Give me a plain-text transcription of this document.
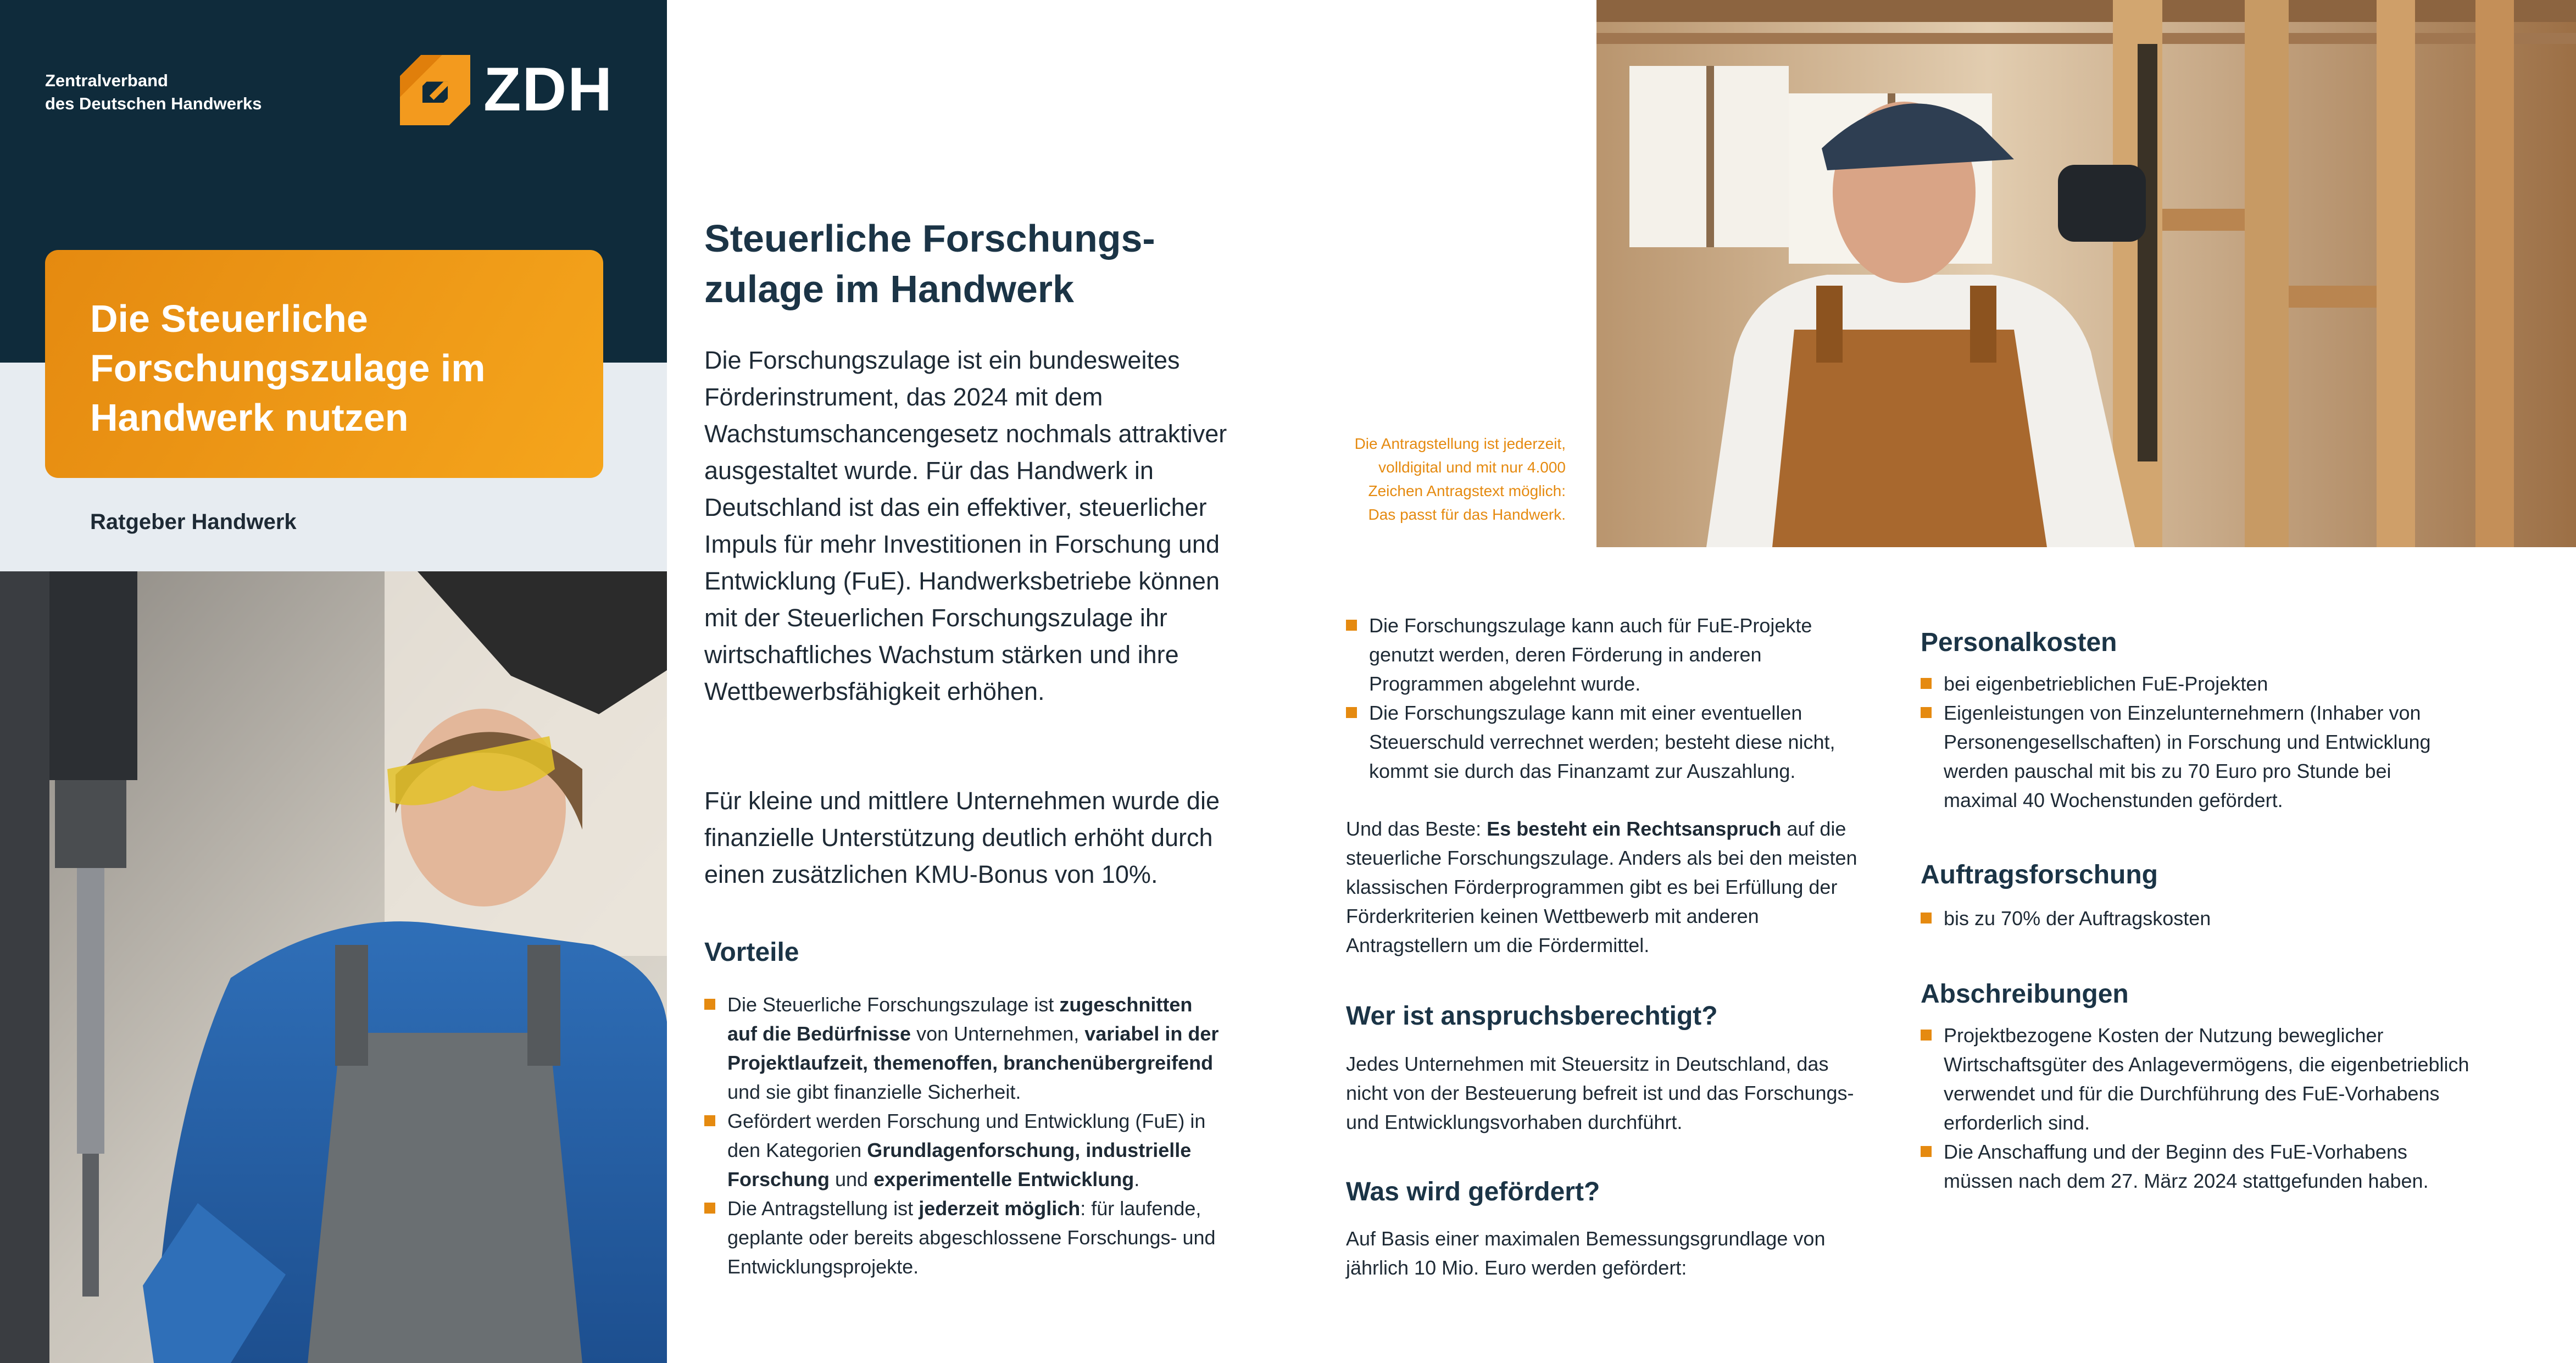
Zentralverband
des Deutschen Handwerks	ZDH
Die Steuerliche Forschungszulage im Handwerk nutzen
Ratgeber Handwerk
Steuerliche Forschungs-
zulage im Handwerk
Die Forschungszulage ist ein bundesweites Förderinstrument, das 2024 mit dem Wachstumschancengesetz nochmals attraktiver ausgestaltet wurde. Für das Handwerk in Deutschland ist das ein effektiver, steuerlicher Impuls für mehr Investitionen in Forschung und Entwicklung (FuE). Handwerksbetriebe können mit der Steuerlichen Forschungszulage ihr wirtschaftliches Wachstum stärken und ihre Wettbewerbsfähigkeit erhöhen.
Für kleine und mittlere Unternehmen wurde die finanzielle Unterstützung deutlich erhöht durch einen zusätzlichen KMU-Bonus von 10%.
Vorteile
Die Steuerliche Forschungszulage ist zugeschnitten auf die Bedürfnisse von Unternehmen, variabel in der Projektlaufzeit, themenoffen, branchenübergreifend und sie gibt finanzielle Sicherheit.
Gefördert werden Forschung und Entwicklung (FuE) in den Kategorien Grundlagenforschung, industrielle Forschung und experimentelle Entwicklung.
Die Antragstellung ist jederzeit möglich: für laufende, geplante oder bereits abgeschlossene Forschungs- und Entwicklungsprojekte.
Die Antragstellung ist jederzeit, volldigital und mit nur 4.000 Zeichen Antragstext möglich: Das passt für das Handwerk.
Die Forschungszulage kann auch für FuE-Projekte genutzt werden, deren Förderung in anderen Programmen abgelehnt wurde.
Die Forschungszulage kann mit einer eventuellen Steuerschuld verrechnet werden; besteht diese nicht, kommt sie durch das Finanzamt zur Auszahlung.
Und das Beste: Es besteht ein Rechtsanspruch auf die steuerliche Forschungszulage. Anders als bei den meisten klassischen Förderprogrammen gibt es bei Erfüllung der Förderkriterien keinen Wettbewerb mit anderen Antragstellern um die Fördermittel.
Wer ist anspruchsberechtigt?
Jedes Unternehmen mit Steuersitz in Deutschland, das nicht von der Besteuerung befreit ist und das Forschungs- und Entwicklungsvorhaben durchführt.
Was wird gefördert?
Auf Basis einer maximalen Bemessungsgrundlage von jährlich 10 Mio. Euro werden gefördert:
Personalkosten
bei eigenbetrieblichen FuE-Projekten
Eigenleistungen von Einzelunternehmern (Inhaber von Personengesellschaften) in Forschung und Entwicklung werden pauschal mit bis zu 70 Euro pro Stunde bei maximal 40 Wochenstunden gefördert.
Auftragsforschung
bis zu 70% der Auftragskosten
Abschreibungen
Projektbezogene Kosten der Nutzung beweglicher Wirtschaftsgüter des Anlagevermögens, die eigenbetrieblich verwendet und für die Durchführung des FuE-Vorhabens erforderlich sind.
Die Anschaffung und der Beginn des FuE-Vorhabens müssen nach dem 27. März 2024 stattgefunden haben.
